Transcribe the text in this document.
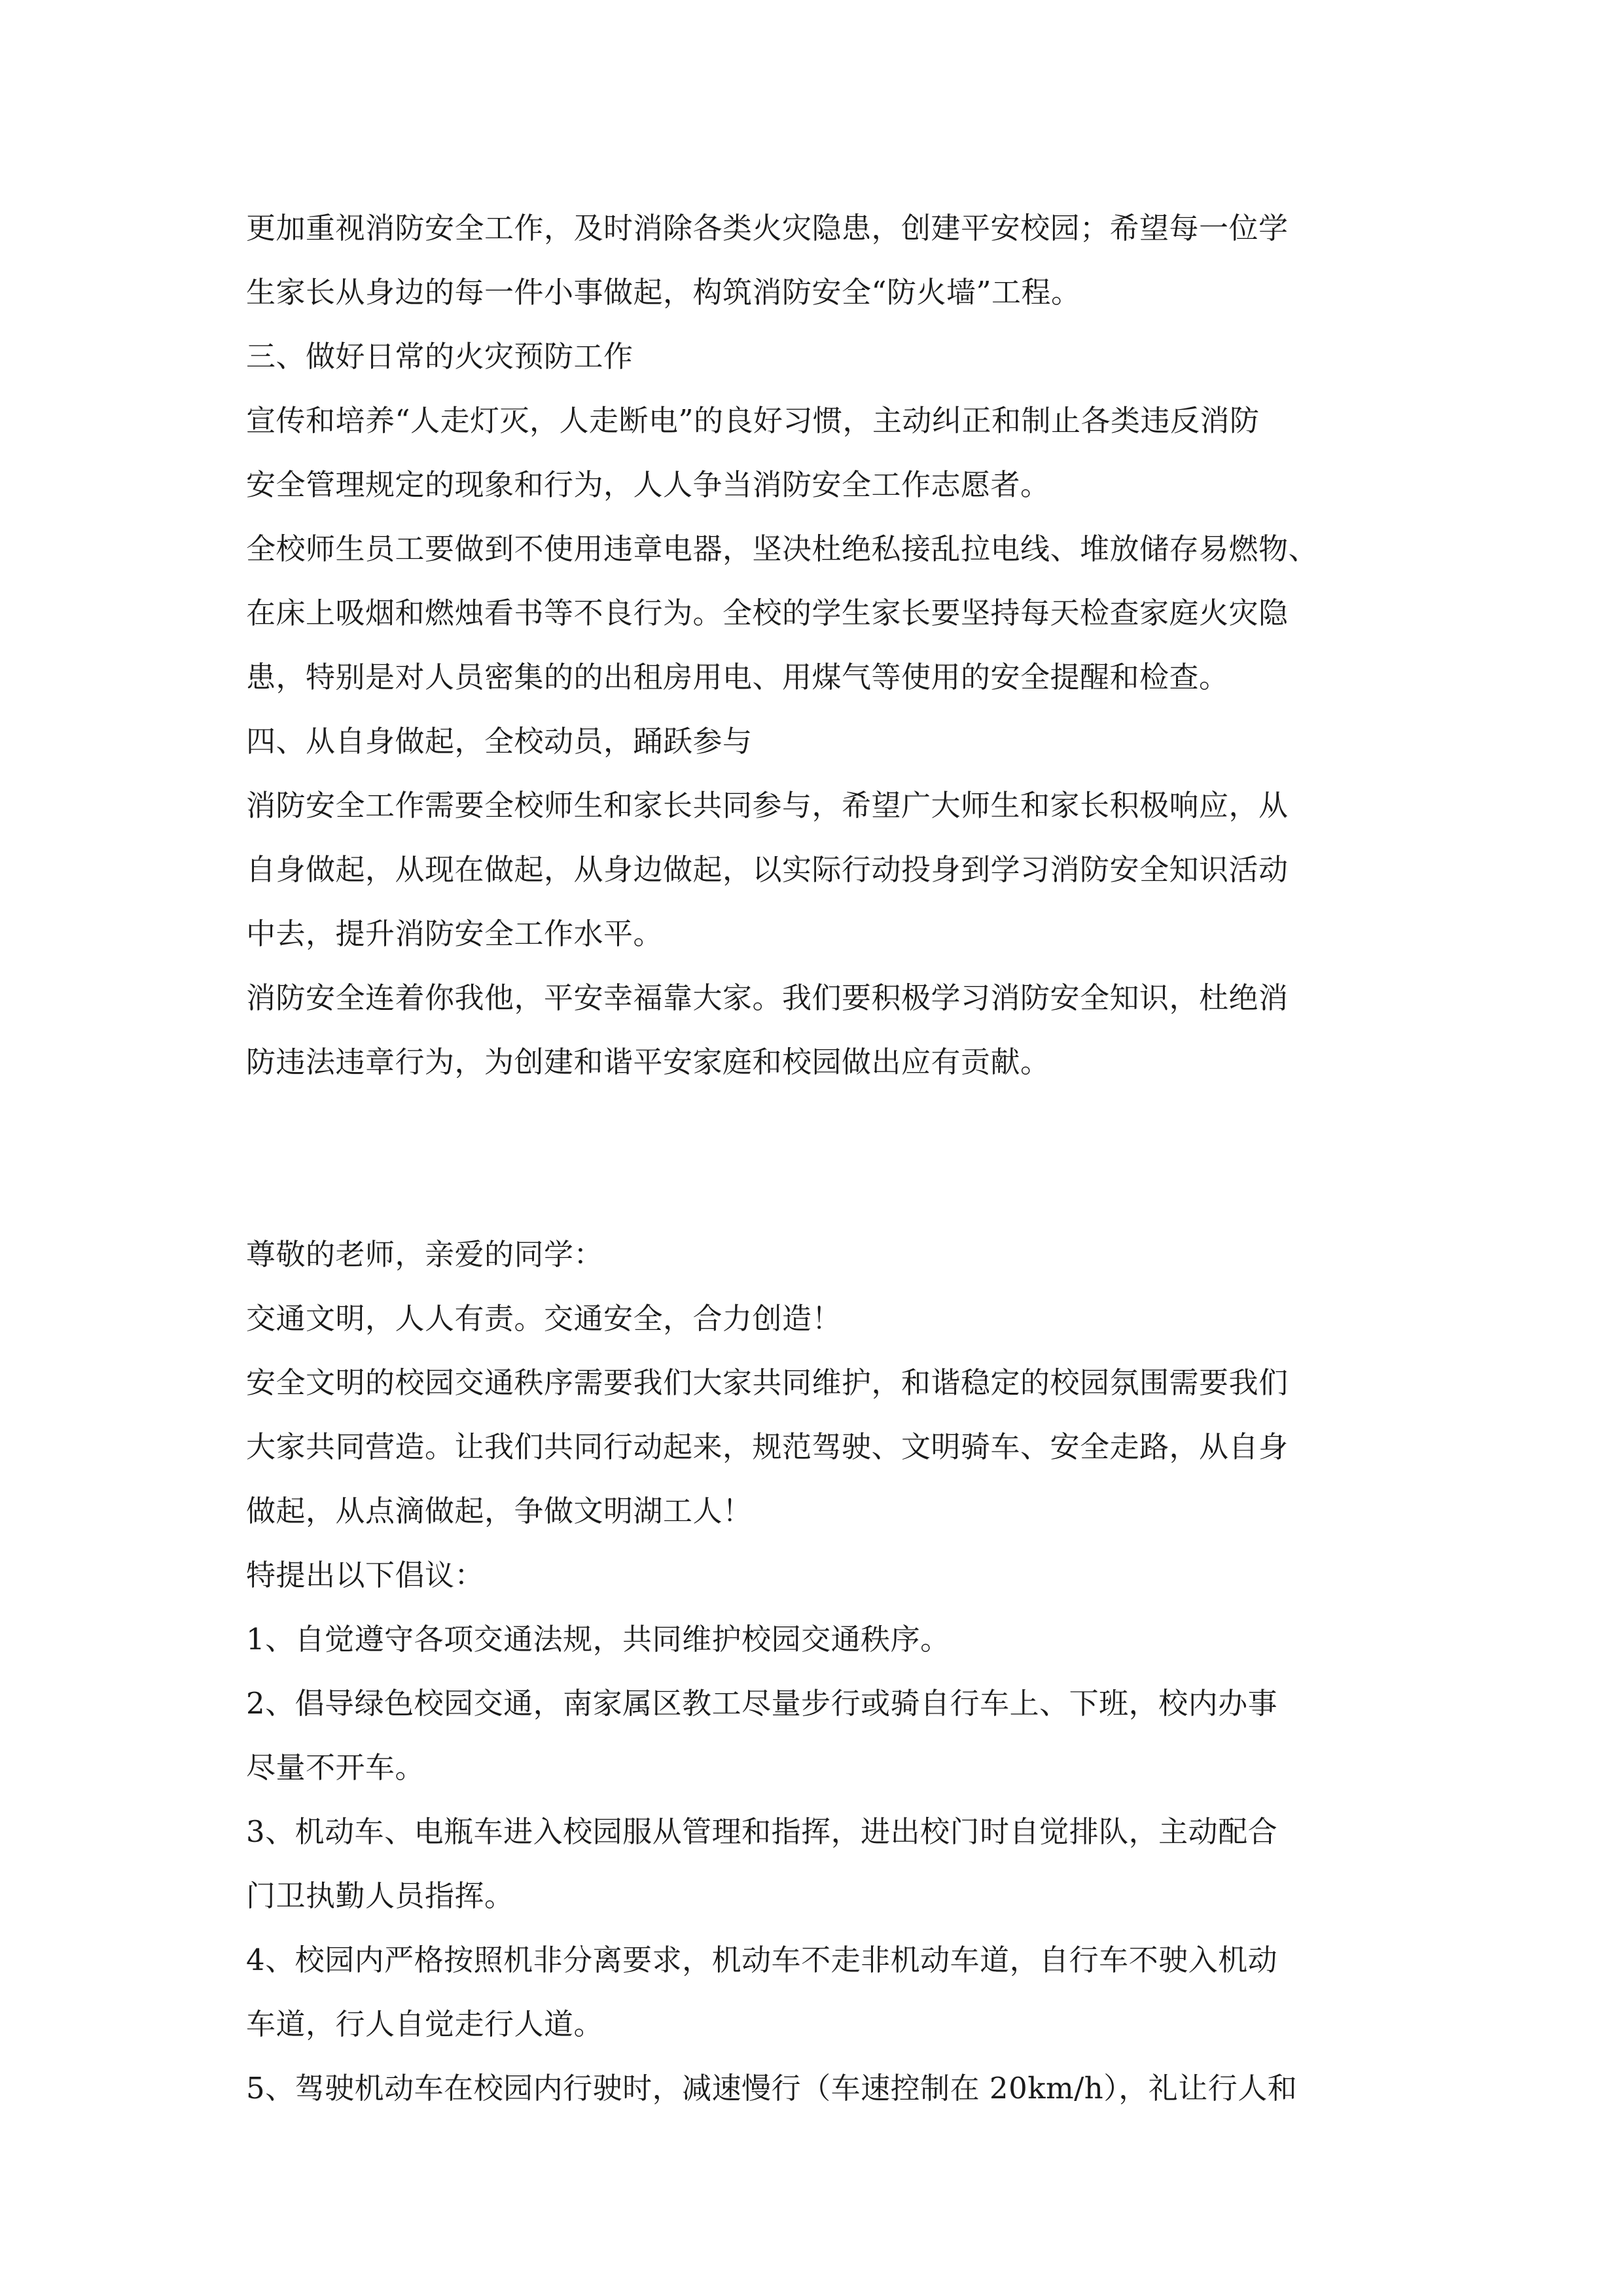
更加重视消防安全工作，及时消除各类火灾隐患，创建平安校园；希望每一位学
生家长从身边的每一件小事做起，构筑消防安全“防火墙”工程。
三、做好日常的火灾预防工作
宣传和培养“人走灯灭，人走断电”的良好习惯，主动纠正和制止各类违反消防
安全管理规定的现象和行为，人人争当消防安全工作志愿者。
全校师生员工要做到不使用违章电器，坚决杜绝私接乱拉电线、堆放储存易燃物、
在床上吸烟和燃烛看书等不良行为。全校的学生家长要坚持每天检查家庭火灾隐
患，特别是对人员密集的的出租房用电、用煤气等使用的安全提醒和检查。
四、从自身做起，全校动员，踊跃参与
消防安全工作需要全校师生和家长共同参与，希望广大师生和家长积极响应，从
自身做起，从现在做起，从身边做起，以实际行动投身到学习消防安全知识活动
中去，提升消防安全工作水平。
消防安全连着你我他，平安幸福靠大家。我们要积极学习消防安全知识，杜绝消
防违法违章行为，为创建和谐平安家庭和校园做出应有贡献。
尊敬的老师，亲爱的同学：
交通文明，人人有责。交通安全，合力创造！
安全文明的校园交通秩序需要我们大家共同维护，和谐稳定的校园氛围需要我们
大家共同营造。让我们共同行动起来，规范驾驶、文明骑车、安全走路，从自身
做起，从点滴做起，争做文明湖工人！
特提出以下倡议：
1、自觉遵守各项交通法规，共同维护校园交通秩序。
2、倡导绿色校园交通，南家属区教工尽量步行或骑自行车上、下班，校内办事
尽量不开车。
3、机动车、电瓶车进入校园服从管理和指挥，进出校门时自觉排队，主动配合
门卫执勤人员指挥。
4、校园内严格按照机非分离要求，机动车不走非机动车道，自行车不驶入机动
车道，行人自觉走行人道。
5、驾驶机动车在校园内行驶时，减速慢行（车速控制在 20km/h），礼让行人和
